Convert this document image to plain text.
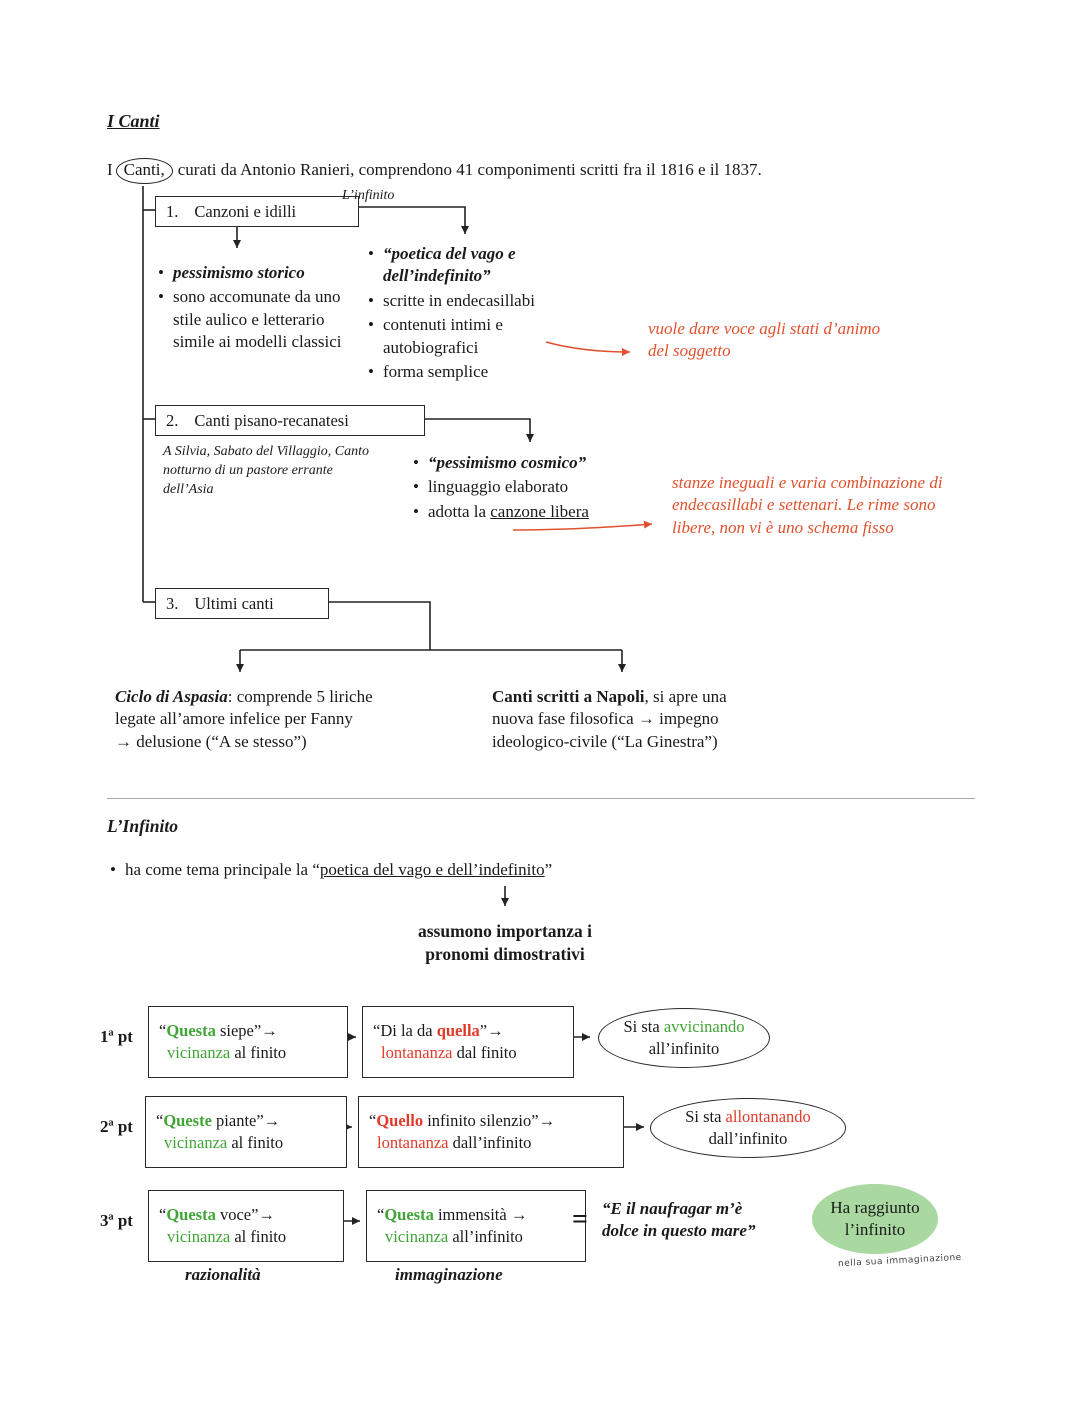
I Canti
I Canti, curati da Antonio Ranieri, comprendono 41 componimenti scritti fra il 1816 e il 1837.
1. Canzoni e idilli
L’infinito
• pessimismo storico
• sono accomunate da uno stile aulico e letterario simile ai modelli classici
• “poetica del vago e dell’indefinito”
• scritte in endecasillabi
• contenuti intimi e autobiografici
• forma semplice
vuole dare voce agli stati d’animo del soggetto
2. Canti pisano-recanatesi
A Silvia, Sabato del Villaggio, Canto notturno di un pastore errante dell’Asia
• “pessimismo cosmico”
• linguaggio elaborato
• adotta la canzone libera
stanze ineguali e varia combinazione di endecasillabi e settenari. Le rime sono libere, non vi è uno schema fisso
3. Ultimi canti
Ciclo di Aspasia: comprende 5 liriche legate all’amore infelice per Fanny → delusione (“A se stesso”)
Canti scritti a Napoli, si apre una nuova fase filosofica → impegno ideologico-civile (“La Ginestra”)
L’Infinito
• ha come tema principale la “poetica del vago e dell’indefinito”
assumono importanza i
pronomi dimostrativi
1ª pt “Questa siepe”→
vicinanza al finito
“Di la da quella”→
lontananza dal finito
Si sta avvicinando
all’infinito
2ª pt “Queste piante”→
vicinanza al finito
“Quello infinito silenzio”→
lontananza dall’infinito
Si sta allontanando
dall’infinito
3ª pt “Questa voce”→
vicinanza al finito
“Questa immensità →
vicinanza all’infinito
= “E il naufragar m’è
dolce in questo mare”
Ha raggiunto
l’infinito
nella sua immaginazione
razionalità	immaginazione
